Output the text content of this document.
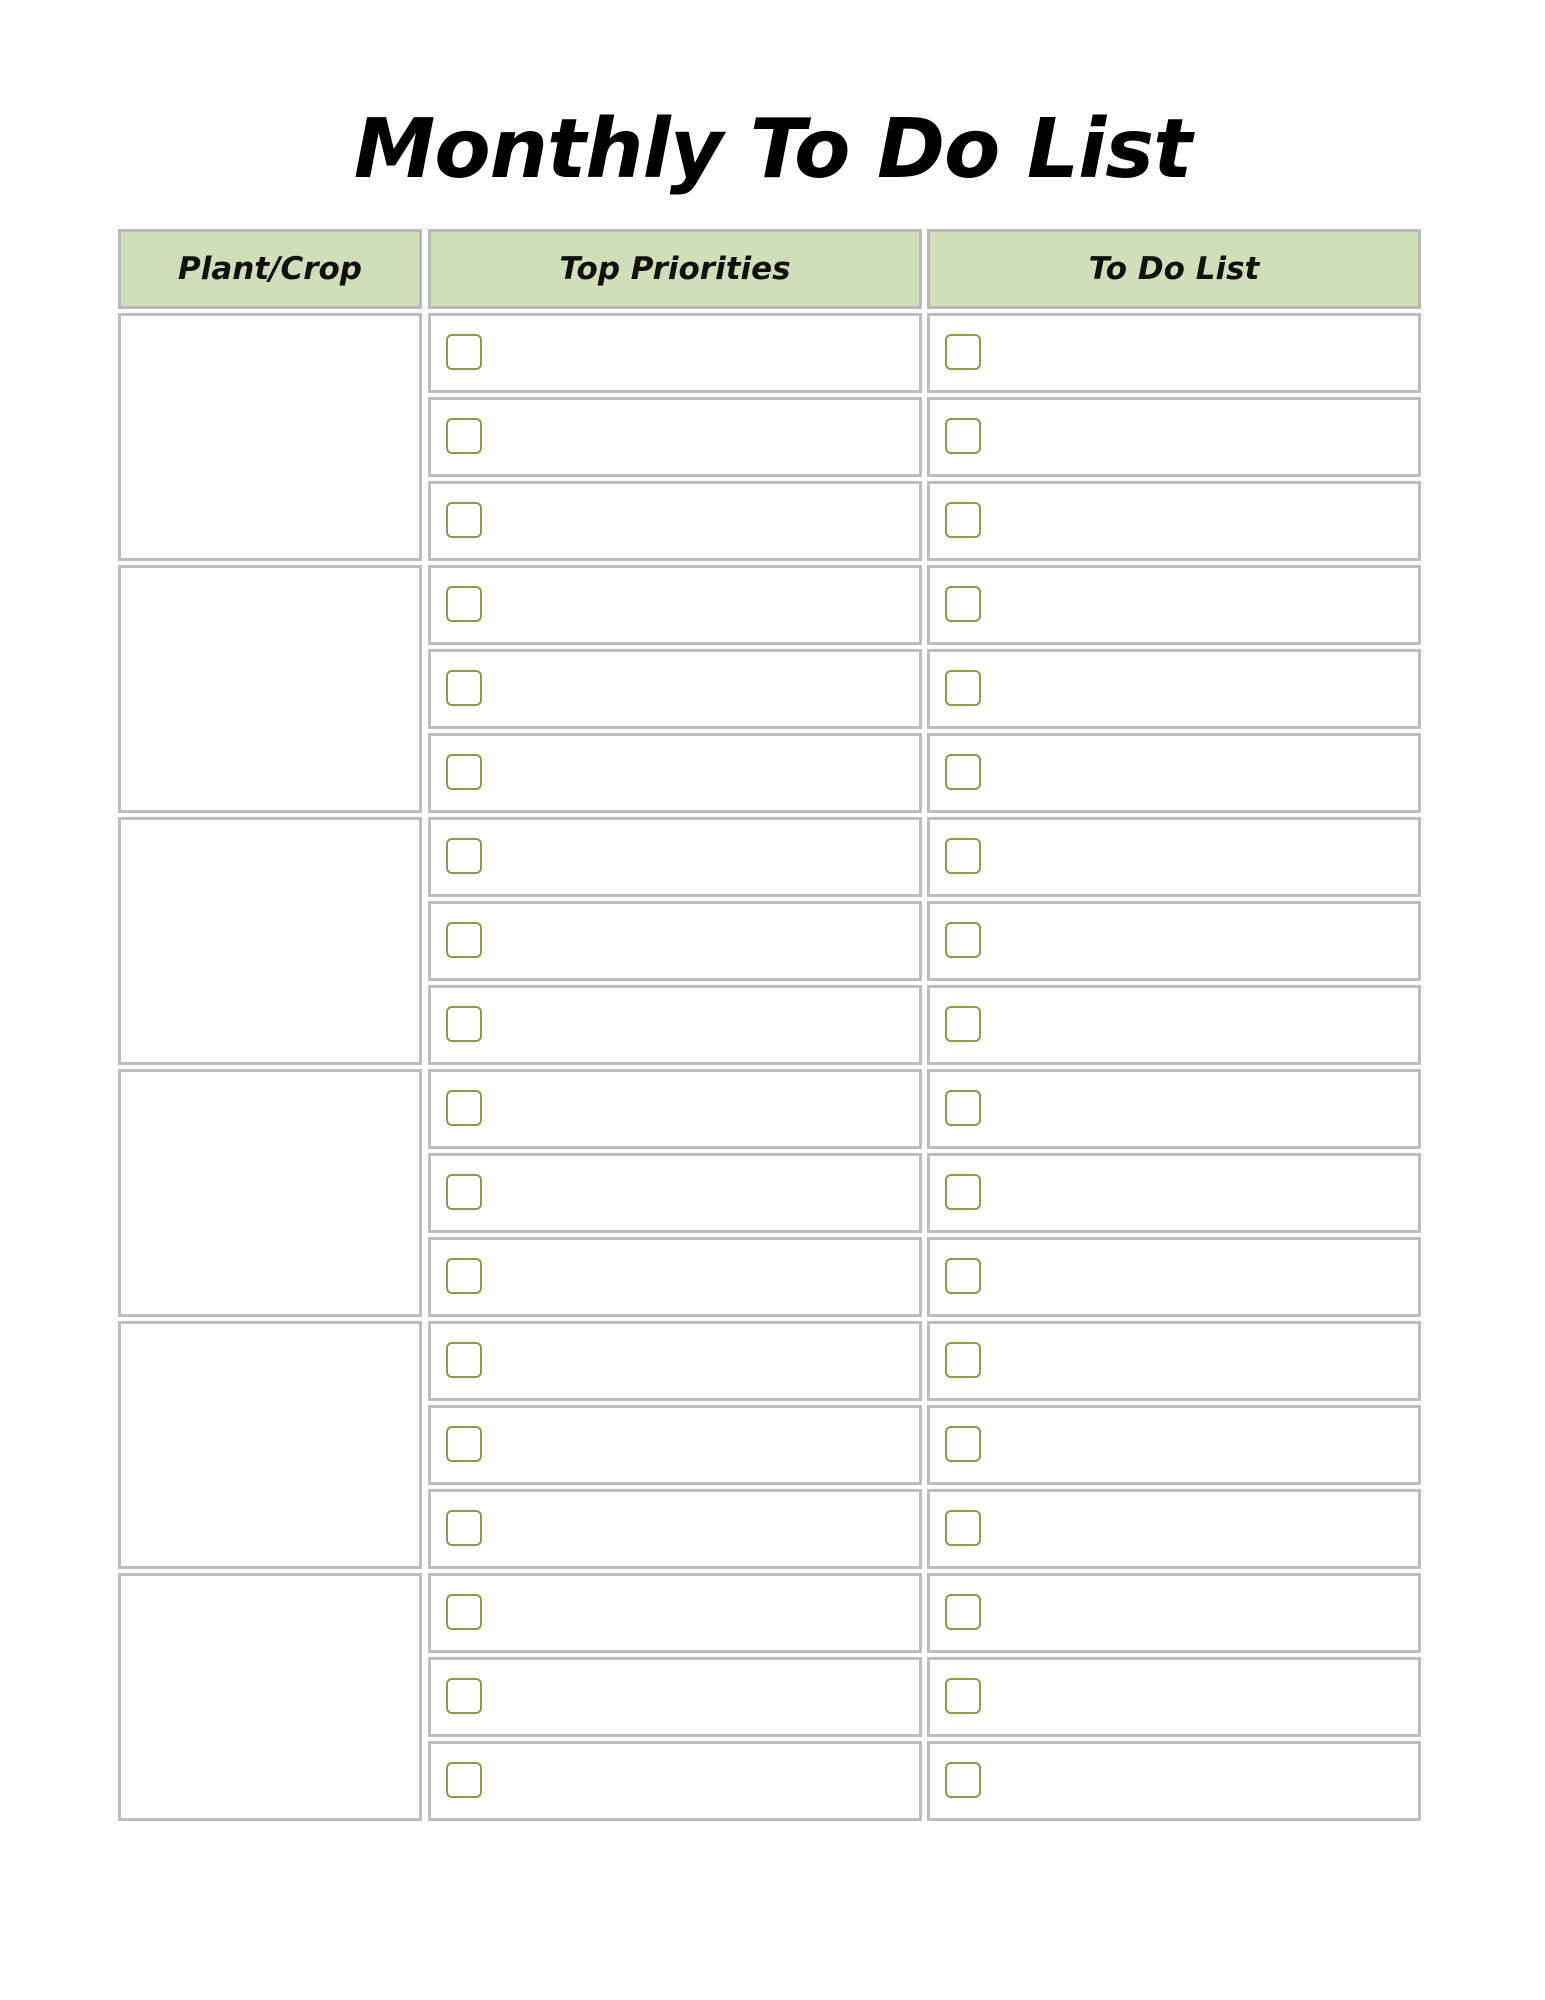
Monthly To Do List
Plant/Crop	Top Priorities	To Do List
